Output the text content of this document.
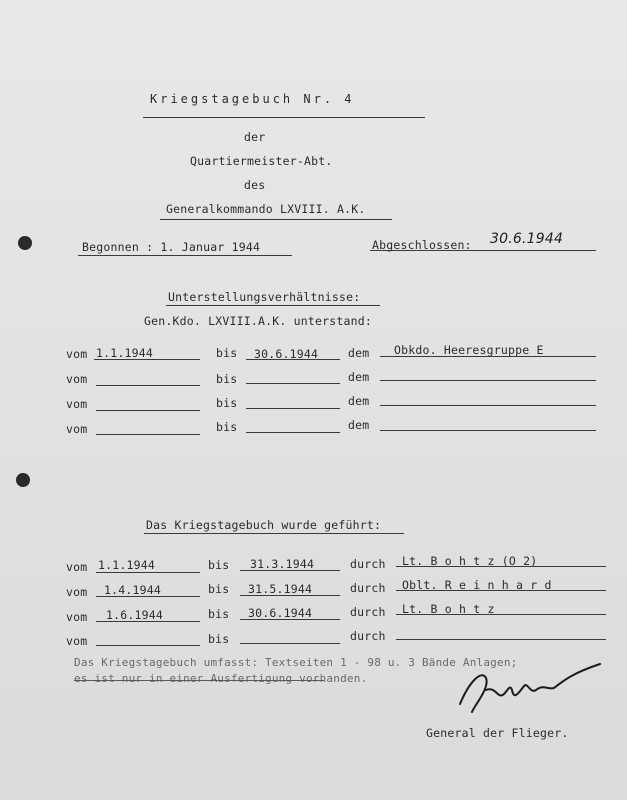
Kriegstagebuch Nr. 4
der
Quartiermeister-Abt.
des
Generalkommando LXVIII. A.K.
Begonnen : 1. Januar 1944	Abgeschlossen: 30.6.1944
Unterstellungsverhältnisse:
Gen.Kdo. LXVIII.A.K. unterstand:
vom 1.1.1944	bis 30.6.1944	dem Obkdo. Heeresgruppe E
vom	bis	dem
vom	bis	dem
vom	bis	dem
Das Kriegstagebuch wurde geführt:
vom 1.1.1944	bis 31.3.1944	durch Lt. B o h t z (O 2)
vom 1.4.1944	bis 31.5.1944	durch Oblt. R e i n h a r d
vom 1.6.1944	bis 30.6.1944	durch Lt. B o h t z
vom	bis	durch
Das Kriegstagebuch umfasst: Textseiten 1 - 98 u. 3 Bände Anlagen;
es ist nur in einer Ausfertigung vorhanden.
General der Flieger.
